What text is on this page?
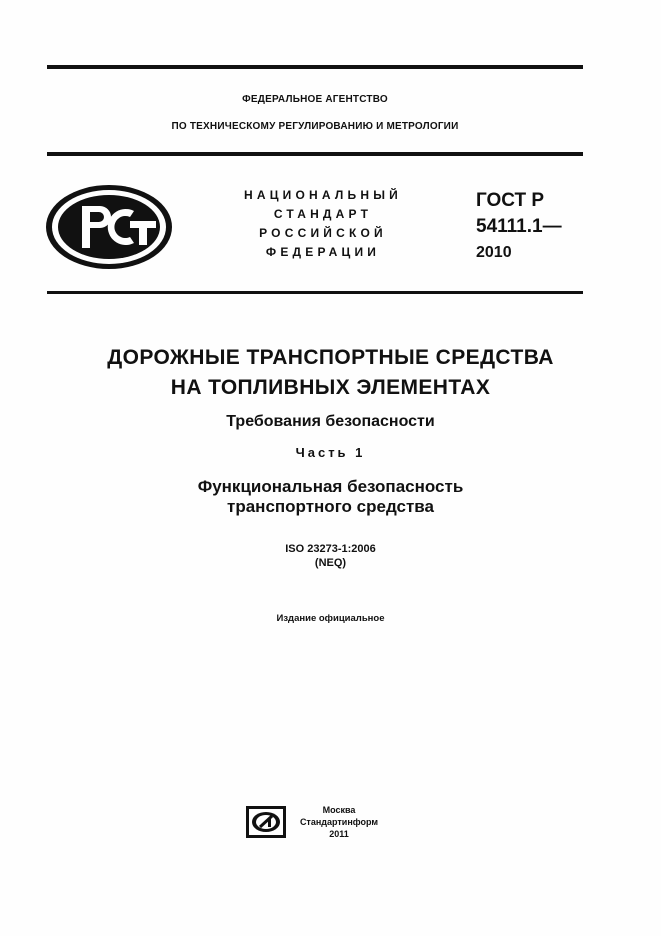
ФЕДЕРАЛЬНОЕ АГЕНТСТВО
ПО ТЕХНИЧЕСКОМУ РЕГУЛИРОВАНИЮ И МЕТРОЛОГИИ
НАЦИОНАЛЬНЫЙ
СТАНДАРТ
РОССИЙСКОЙ
ФЕДЕРАЦИИ
ГОСТ Р
54111.1—
2010
ДОРОЖНЫЕ ТРАНСПОРТНЫЕ СРЕДСТВА
НА ТОПЛИВНЫХ ЭЛЕМЕНТАХ
Требования безопасности
Часть 1
Функциональная безопасность
транспортного средства
ISO 23273-1:2006
(NEQ)
Издание официальное
Москва
Стандартинформ
2011
